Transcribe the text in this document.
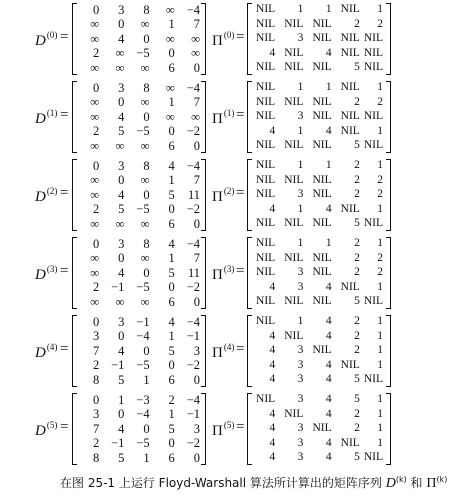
$D^{(0)}$ =
0	3	8	∞ −4
∞	0	∞	1	7
∞	4	0	∞	∞
2	∞ −5	0	∞
∞	∞	∞	6	0
$\Pi^{(0)}$ =
NIL	1	1 NIL	1
NIL NIL NIL	2	2
NIL	3 NIL NIL NIL
4 NIL	4 NIL NIL
NIL NIL NIL	5 NIL
$D^{(1)}$ =
0	3	8	∞ −4
∞	0	∞	1	7
∞	4	0	∞	∞
2	5 −5	0 −2
∞	∞	∞	6	0
$\Pi^{(1)}$ =
NIL	1	1 NIL	1
NIL NIL NIL	2	2
NIL	3 NIL NIL NIL
4	1	4 NIL	1
NIL NIL NIL	5 NIL
$D^{(2)}$ =
0	3	8	4 −4
∞	0	∞	1	7
∞	4	0	5	11
2	5 −5	0 −2
∞	∞	∞	6	0
$\Pi^{(2)}$ =
NIL	1	1	2	1
NIL NIL NIL	2	2
NIL	3 NIL	2	2
4	1	4 NIL	1
NIL NIL NIL	5 NIL
$D^{(3)}$ =
0	3	8	4 −4
∞	0	∞	1	7
∞	4	0	5	11
2 −1 −5	0 −2
∞	∞	∞	6	0
$\Pi^{(3)}$ =
NIL	1	1	2	1
NIL NIL NIL	2	2
NIL	3 NIL	2	2
4	3	4 NIL	1
NIL NIL NIL	5 NIL
$D^{(4)}$ =
0	3 −1	4 −4
3	0 −4	1 −1
7	4	0	5	3
2 −1 −5	0 −2
8	5	1	6	0
$\Pi^{(4)}$ =
NIL	1	4	2	1
4 NIL	4	2	1
4	3 NIL	2	1
4	3	4 NIL	1
4	3	4	5 NIL
$D^{(5)}$ =
0	1 −3	2 −4
3	0 −4	1 −1
7	4	0	5	3
2 −1 −5	0 −2
8	5	1	6	0
$\Pi^{(5)}$ =
NIL	3	4	5	1
4 NIL	4	2	1
4	3 NIL	2	1
4	3	4 NIL	1
4	3	4	5 NIL
在图 25-1 上运行 Floyd-Warshall 算法所计算出的矩阵序列 $D^{(k)}$ 和 $\Pi^{(k)}$
